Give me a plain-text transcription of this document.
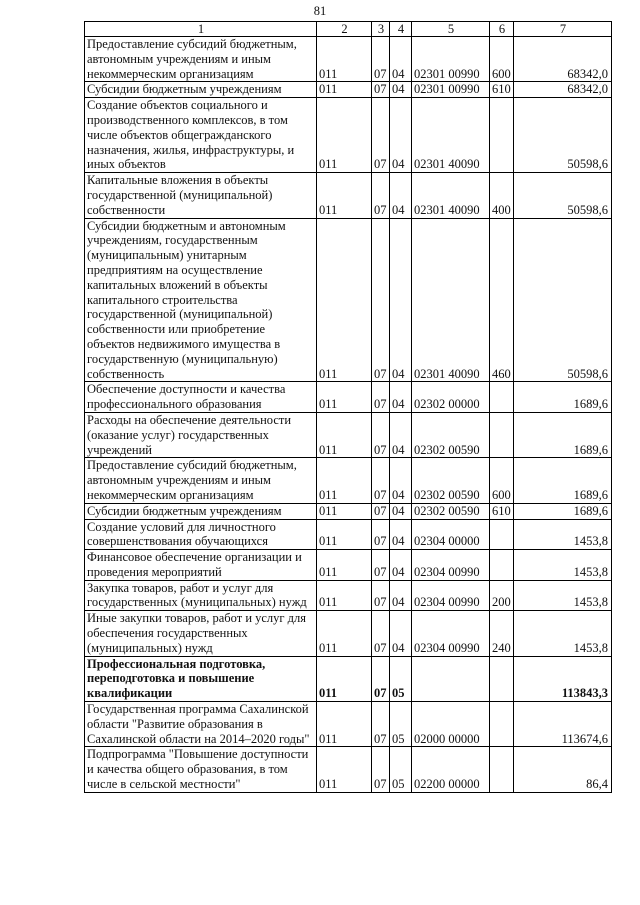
81
1	2	3	4	5	6	7
Предоставление субсидий бюджетным, автономным учреждениям и иным некоммерческим организациям	011	07	04	02301 00990	600	68342,0
Субсидии бюджетным учреждениям	011	07	04	02301 00990	610	68342,0
Создание объектов социального и производственного комплексов, в том числе объектов общегражданского назначения, жилья, инфраструктуры, и иных объектов	011	07	04	02301 40090		50598,6
Капитальные вложения в объекты государственной (муниципальной) собственности	011	07	04	02301 40090	400	50598,6
Субсидии бюджетным и автономным учреждениям, государственным (муниципальным) унитарным предприятиям на осуществление капитальных вложений в объекты капитального строительства государственной (муниципальной) собственности или приобретение объектов недвижимого имущества в государственную (муниципальную) собственность	011	07	04	02301 40090	460	50598,6
Обеспечение доступности и качества профессионального образования	011	07	04	02302 00000		1689,6
Расходы на обеспечение деятельности (оказание услуг) государственных учреждений	011	07	04	02302 00590		1689,6
Предоставление субсидий бюджетным, автономным учреждениям и иным некоммерческим организациям	011	07	04	02302 00590	600	1689,6
Субсидии бюджетным учреждениям	011	07	04	02302 00590	610	1689,6
Создание условий для личностного совершенствования обучающихся	011	07	04	02304 00000		1453,8
Финансовое обеспечение организации и проведения мероприятий	011	07	04	02304 00990		1453,8
Закупка товаров, работ и услуг для государственных (муниципальных) нужд	011	07	04	02304 00990	200	1453,8
Иные закупки товаров, работ и услуг для обеспечения государственных (муниципальных) нужд	011	07	04	02304 00990	240	1453,8
Профессиональная подготовка, переподготовка и повышение квалификации	011	07	05			113843,3
Государственная программа Сахалинской области "Развитие образования в Сахалинской области на 2014–2020 годы"	011	07	05	02000 00000		113674,6
Подпрограмма "Повышение доступности и качества общего образования, в том числе в сельской местности"	011	07	05	02200 00000		86,4
